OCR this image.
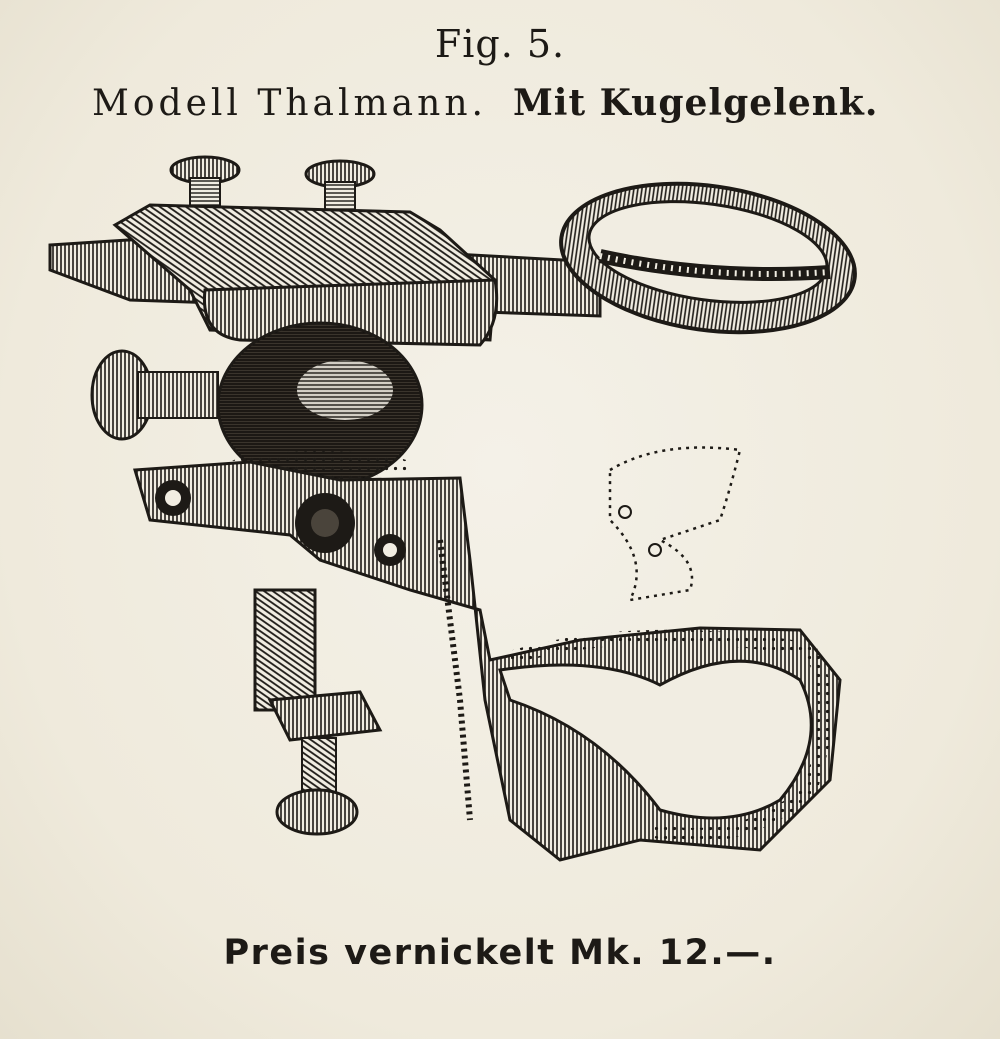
Fig. 5.
Modell Thalmann. Mit Kugelgelenk.
Preis vernickelt Mk. 12.—.
